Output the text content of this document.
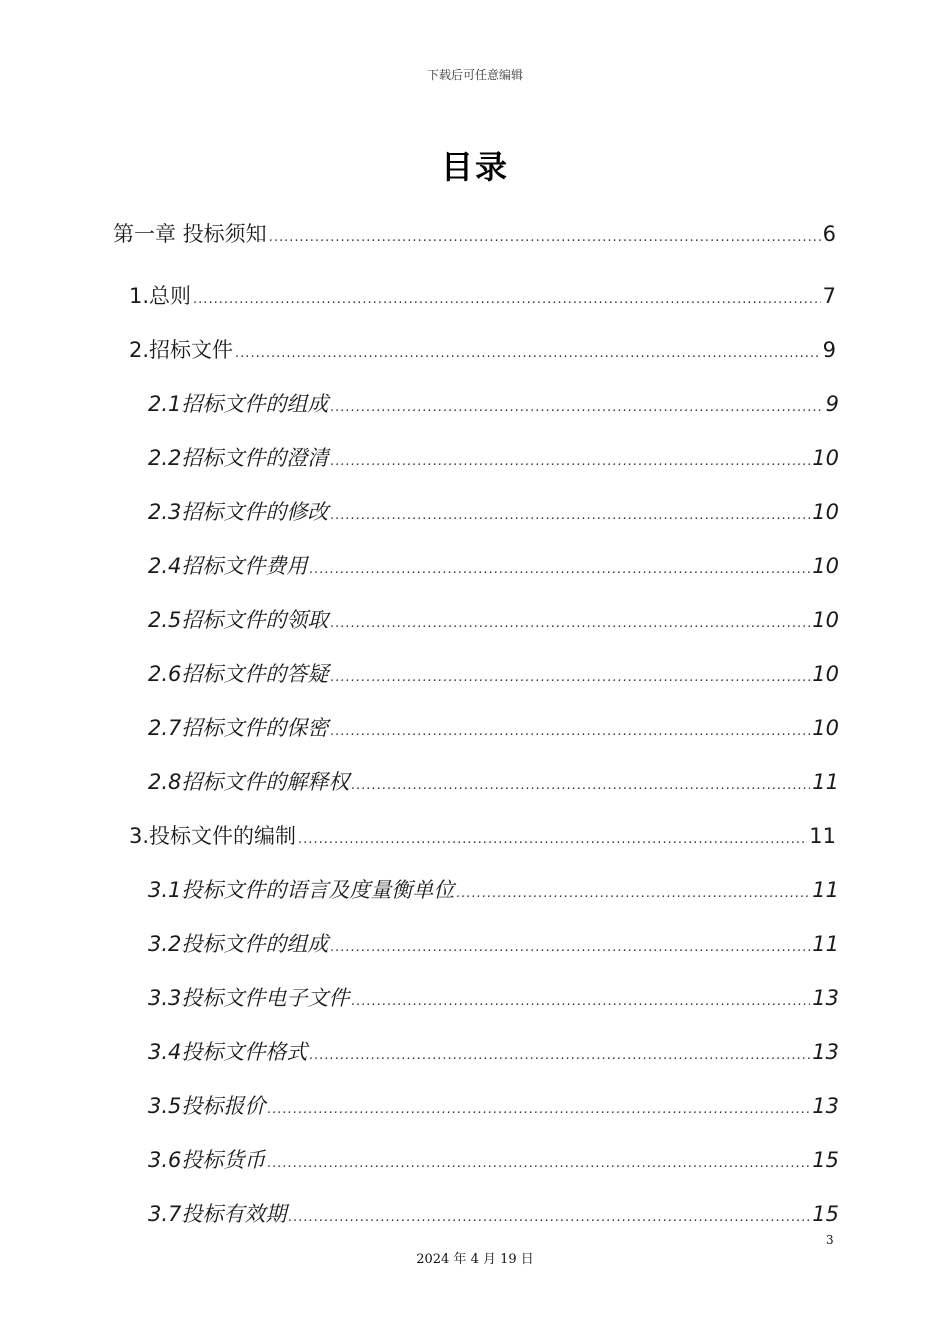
下载后可任意编辑
目录
第一章 投标须知 .....	6
1.总则 .....	7
2.招标文件 .....	9
2.1招标文件的组成 .....	9
2.2招标文件的澄清 .....	10
2.3招标文件的修改 .....	10
2.4招标文件费用 .....	10
2.5招标文件的领取 .....	10
2.6招标文件的答疑 .....	10
2.7招标文件的保密 .....	10
2.8招标文件的解释权 .....	11
3.投标文件的编制 .....	11
3.1投标文件的语言及度量衡单位 .....	11
3.2投标文件的组成 .....	11
3.3投标文件电子文件 .....	13
3.4投标文件格式 .....	13
3.5投标报价 .....	13
3.6投标货币 .....	15
3.7投标有效期 .....	15
3
2024 年 4 月 19 日
